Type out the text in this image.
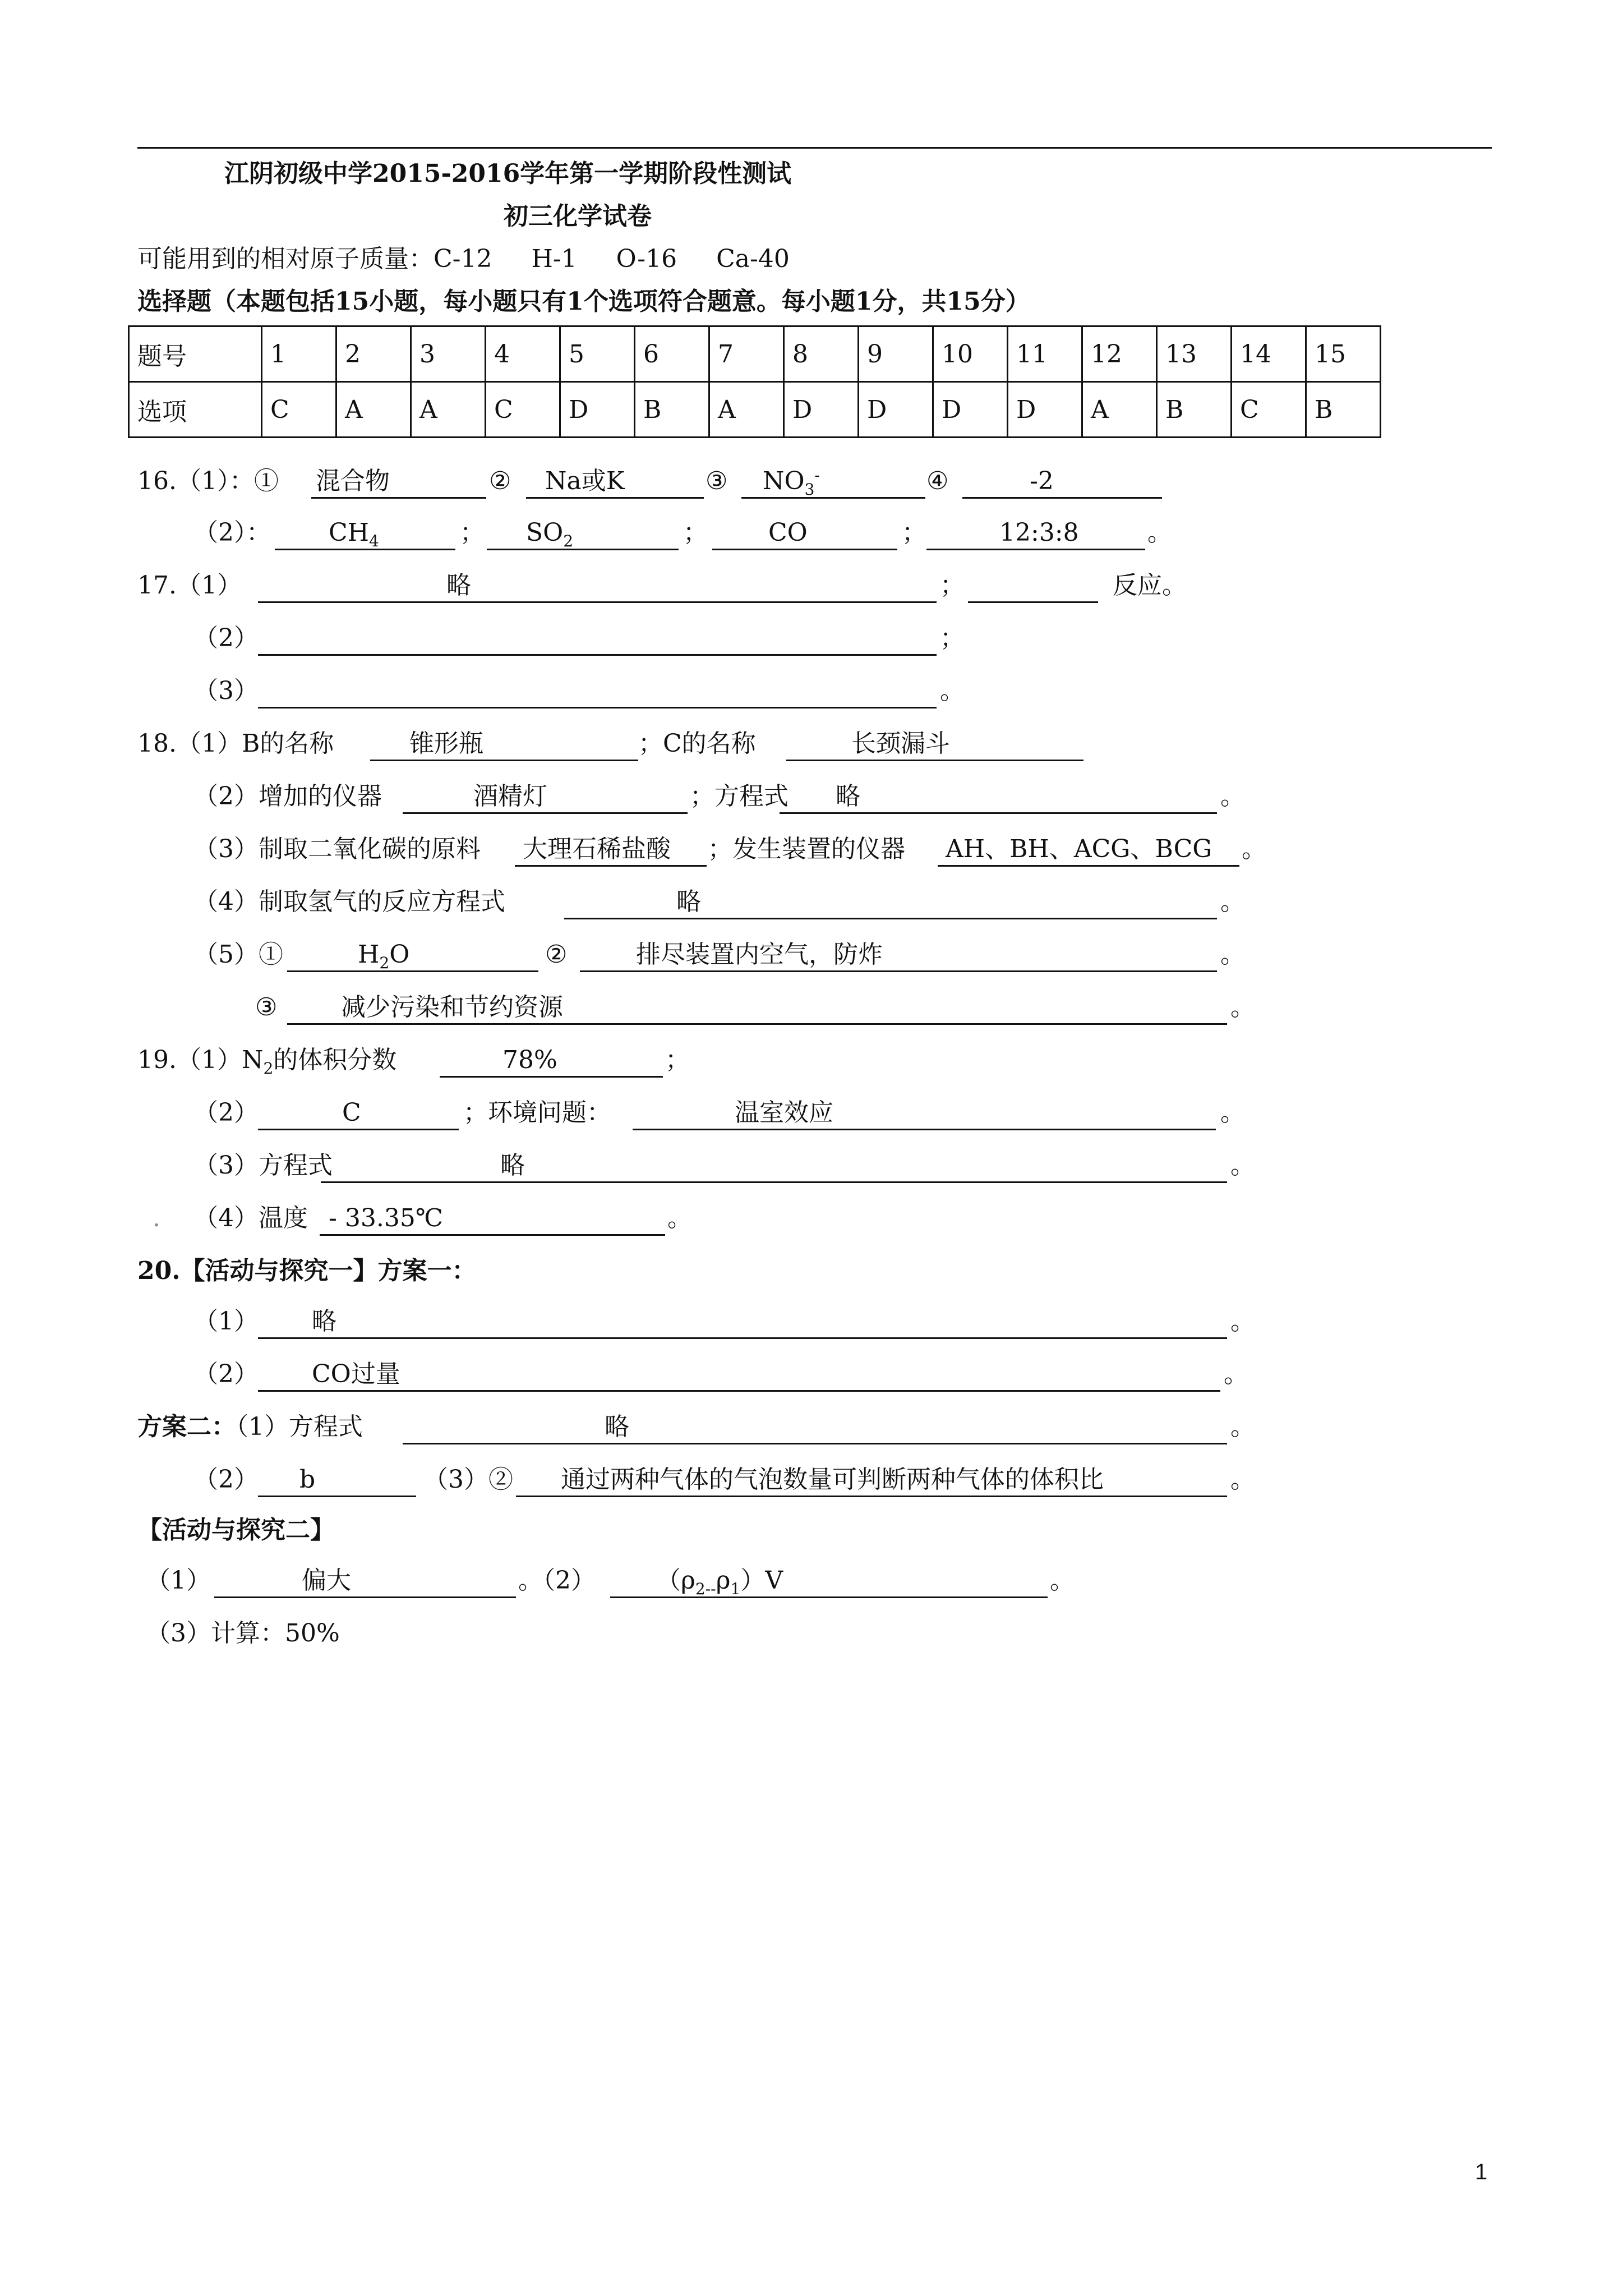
江阴初级中学2015-2016学年第一学期阶段性测试
初三化学试卷
可能用到的相对原子质量：C-12     H-1     O-16     Ca-40
选择题（本题包括15小题，每小题只有1个选项符合题意。每小题1分，共15分）
题号	1	2	3	4	5	6	7	8	9	10	11	12	13	14	15
选项	C	A	A	C	D	B	A	D	D	D	D	A	B	C	B
16.（1）：① 混合物	②	Na或K	③	$NO_3^-$	④	-2
（2）：	$CH_4$	；	$SO_2$	；	CO	；	12:3:8	。
17.（1）	略	；	反应。
（2）	；
（3）	。
18.（1）B的名称	锥形瓶	；C的名称	长颈漏斗
（2）增加的仪器	酒精灯	；方程式	略	。
（3）制取二氧化碳的原料	大理石稀盐酸	；发生装置的仪器	AH、BH、ACG、BCG	。
（4）制取氢气的反应方程式	略	。
（5）①	$H_2O$	②	排尽装置内空气，防炸	。
③	减少污染和节约资源	。
$19.(1)N_2$的体积分数	78%	；
（2）	C	；环境问题：	温室效应	。
（3）方程式	略	。
. （4）温度 - 33.35℃	。
20.【活动与探究一】方案一：
（1）	略	。
（2）	CO过量	。
方案二：（1）方程式	略	。
（2）	b	（3）②	通过两种气体的气泡数量可判断两种气体的体积比	。
【活动与探究二】
（1）	偏大	。（2）	$(\rho_{2--}\rho_1)V$	。
（3）计算：50%
1
